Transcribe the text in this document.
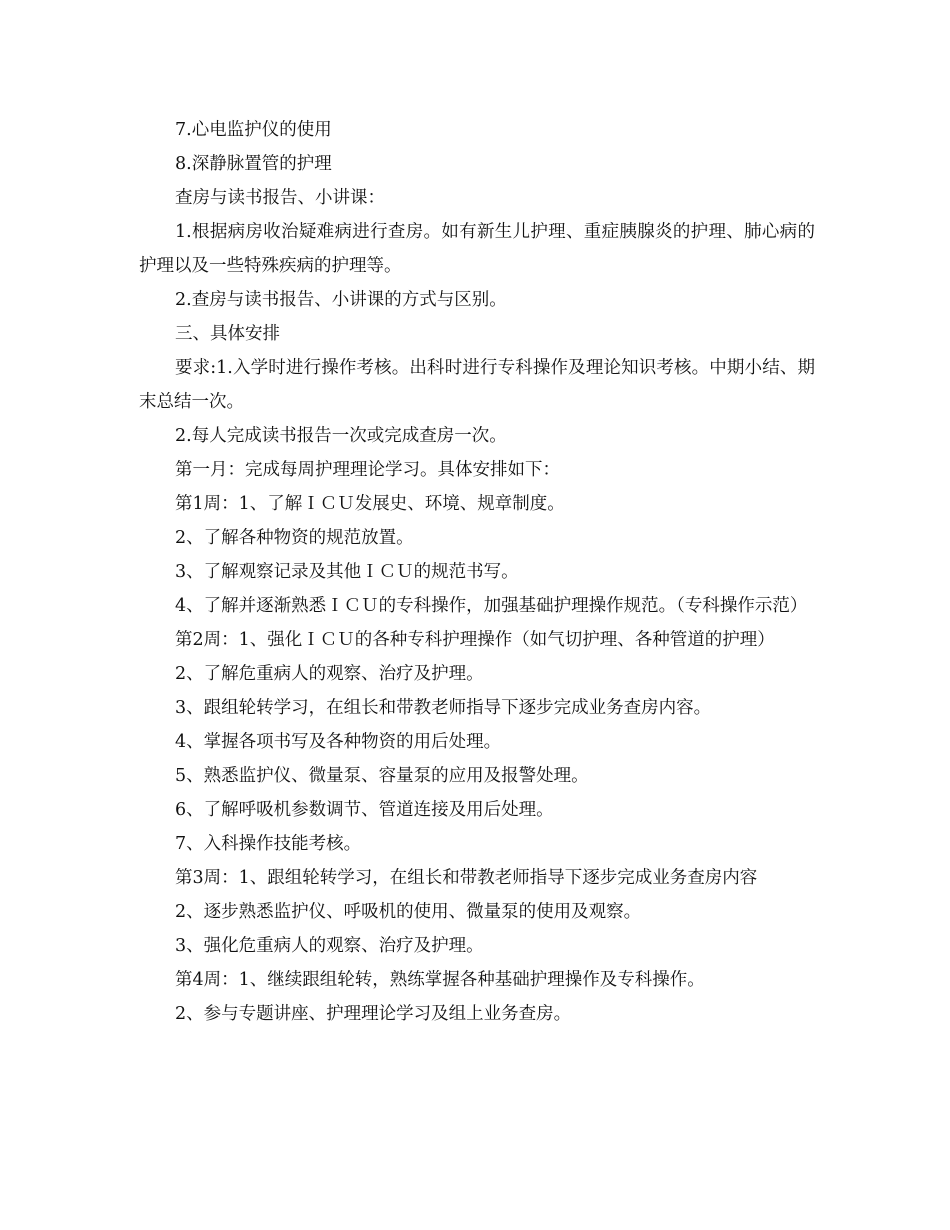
7.心电监护仪的使用

8.深静脉置管的护理

查房与读书报告、小讲课：

1.根据病房收治疑难病进行查房。如有新生儿护理、重症胰腺炎的护理、肺心病的护理以及一些特殊疾病的护理等。

2.查房与读书报告、小讲课的方式与区别。

三、具体安排

要求:1.入学时进行操作考核。出科时进行专科操作及理论知识考核。中期小结、期末总结一次。

2.每人完成读书报告一次或完成查房一次。

第一月：完成每周护理理论学习。具体安排如下：

第1周：1、了解ＩＣＵ发展史、环境、规章制度。

2、了解各种物资的规范放置。

3、了解观察记录及其他ＩＣＵ的规范书写。

4、了解并逐渐熟悉ＩＣＵ的专科操作，加强基础护理操作规范。（专科操作示范）

第2周：1、强化ＩＣＵ的各种专科护理操作（如气切护理、各种管道的护理）

2、了解危重病人的观察、治疗及护理。

3、跟组轮转学习，在组长和带教老师指导下逐步完成业务查房内容。

4、掌握各项书写及各种物资的用后处理。

5、熟悉监护仪、微量泵、容量泵的应用及报警处理。

6、了解呼吸机参数调节、管道连接及用后处理。

7、入科操作技能考核。

第3周：1、跟组轮转学习，在组长和带教老师指导下逐步完成业务查房内容

2、逐步熟悉监护仪、呼吸机的使用、微量泵的使用及观察。

3、强化危重病人的观察、治疗及护理。

第4周：1、继续跟组轮转，熟练掌握各种基础护理操作及专科操作。

2、参与专题讲座、护理理论学习及组上业务查房。
